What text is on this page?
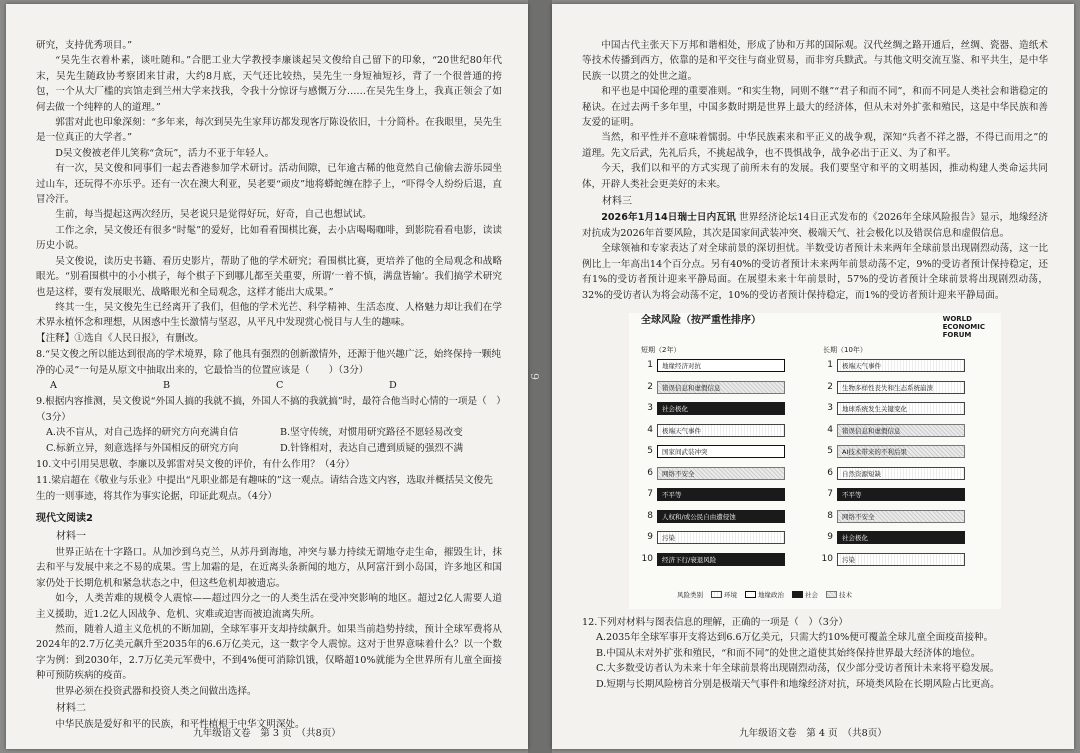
9

研究，支持优秀项目。”

“吴先生衣着朴素，谈吐随和。”合肥工业大学教授李廉谈起吴文俊给自己留下的印象，“20世纪80年代末，吴先生随政协考察团来甘肃，大约8月底，天气还比较热，吴先生一身短袖短衫，背了一个很普通的挎包，一个从大厂槛的宾馆走到兰州大学来找我，令我十分惊讶与感慨万分……在吴先生身上，我真正领会了如何去做一个纯粹的人的道理。”

郭雷对此也印象深刻：“多年来，每次到吴先生家拜访都发现客厅陈设依旧，十分简朴。在我眼里，吴先生是一位真正的大学者。”

D吴文俊被老伴儿笑称“贪玩”，活力不亚于年轻人。

有一次，吴文俊和同事们一起去香港参加学术研讨。活动间隙，已年逾古稀的他竟然自己偷偷去游乐园坐过山车，还玩得不亦乐乎。还有一次在澳大利亚，吴老要“顽皮”地将蟒蛇缠在脖子上，“吓得令人纷纷后退，直冒冷汗。

生前，每当提起这两次经历，吴老说只是觉得好玩，好奇，自己也想试试。

工作之余，吴文俊还有很多“时髦”的爱好，比如看看围棋比赛，去小店喝喝咖啡，到影院看看电影，读读历史小说。

吴文俊说，读历史书籍、看历史影片，帮助了他的学术研究；看围棋比赛，更培养了他的全局观念和战略眼光。“别看围棋中的小小棋子，每个棋子下到哪儿都至关重要，所谓‘一着不慎，满盘皆输’。我们搞学术研究也是这样，要有发展眼光、战略眼光和全局观念，这样才能出大成果。”

终其一生，吴文俊先生已经离开了我们，但他的学术光芒、科学精神、生活态度、人格魅力却让我们在学术界永植怀念和理想，从困惑中生长激情与坚忍，从平凡中发现赏心悦目与人生的趣味。

【注释】①选自《人民日报》，有删改。

8.“吴文俊之所以能达到很高的学术境界，除了他具有强烈的创新激情外，还源于他兴趣广泛，始终保持一颗纯净的心灵”一句是从原文中抽取出来的，它最恰当的位置应该是（　　）（3分）

A	B	C	D

9.根据内容推测，吴文俊说“外国人搞的我就不搞，外国人不搞的我就搞”时，最符合他当时心情的一项是（　）（3分）

A.决不盲从，对自己选择的研究方向充满自信	B.坚守传统，对惯用研究路径不愿轻易改变
C.标新立异，刻意选择与外国相反的研究方向	D.针锋相对，表达自己遭到质疑的强烈不满

10.文中引用吴思敬、李廉以及郭雷对吴文俊的评价，有什么作用？（4分）

11.梁启超在《敬业与乐业》中提出“凡职业都是有趣味的”这一观点。请结合选文内容，选取并概括吴文俊先生的一则事迹，将其作为事实论据，印证此观点。（4分）

现代文阅读2
材料一

世界正站在十字路口。从加沙到乌克兰，从苏丹到海地，冲突与暴力持续无谓地夺走生命，摧毁生计，抹去和平与发展中来之不易的成果。雪上加霜的是，在近离头条新闻的地方，从阿富汗到小岛国，许多地区和国家仍处于长期危机和紧急状态之中，但这些危机却被遗忘。

如今，人类苦难的规模令人震惊——超过四分之一的人类生活在受冲突影响的地区。超过2亿人需要人道主义援助，近1.2亿人因战争、危机、灾难或迫害而被迫流离失所。

然而，随着人道主义危机的不断加剧，全球军事开支却持续飙升。如果当前趋势持续，预计全球军费将从2024年的2.7万亿美元飙升至2035年的6.6万亿美元，这一数字令人震惊。这对于世界意味着什么？以一个数字为例：到2030年，2.7万亿美元军费中，不到4%便可消除饥饿，仅略超10%就能为全世界所有儿童全面接种可预防疾病的疫苗。

世界必须在投资武器和投资人类之间做出选择。

材料二

中华民族是爱好和平的民族，和平性植根于中华文明深处。

九年级语文卷　第 3 页　（共8页）

中国古代主张天下万邦和谐相处，形成了协和万邦的国际观。汉代丝绸之路开通后，丝绸、瓷器、造纸术等技术传播到西方，依靠的是和平交往与商业贸易，而非穷兵黩武。与其他文明交流互鉴、和平共生，是中华民族一以贯之的处世之道。

和平也是中国伦理的重要准则。“和实生物，同则不继”“君子和而不同”，和而不同是人类社会和谐稳定的秘诀。在过去两千多年里，中国多数时期是世界上最大的经济体，但从未对外扩张和殖民，这是中华民族和善友爱的证明。

当然，和平性并不意味着懦弱。中华民族素来和平正义的战争观，深知“兵者不祥之器，不得已而用之”的道理。先文后武，先礼后兵，不挑起战争，也不畏惧战争，战争必出于正义、为了和平。

今天，我们以和平的方式实现了前所未有的发展。我们要坚守和平的文明基因，推动构建人类命运共同体，开辟人类社会更美好的未来。

材料三

2026年1月14日瑞士日内瓦讯 世界经济论坛14日正式发布的《2026年全球风险报告》显示，地缘经济对抗成为2026年首要风险，其次是国家间武装冲突、极端天气、社会极化以及错误信息和虚假信息。

全球领袖和专家表达了对全球前景的深切担忧。半数受访者预计未来两年全球前景出现剧烈动荡，这一比例比上一年高出14个百分点。另有40%的受访者预计未来两年前景动荡不定，9%的受访者预计保持稳定，还有1%的受访者预计迎来平静局面。在展望未来十年前景时，57%的受访者预计全球前景将出现剧烈动荡，32%的受访者认为将会动荡不定，10%的受访者预计保持稳定，而1%的受访者预计迎来平静局面。

全球风险（按严重性排序）	WORLD
ECONOMIC
FORUM
短期（2年）	长期（10年）
1	地缘经济对抗
2	错误信息和虚假信息
3	社会极化
4	极端天气事件
5	国家间武装冲突
6	网络不安全
7	不平等
8	人权和/或公民自由遭侵蚀
9	污染
10	经济下行/衰退风险
1	极端天气事件
2	生物多样性丧失和生态系统崩溃
3	地球系统发生关键变化
4	错误信息和虚假信息
5	AI技术带来的不利后果
6	自然资源短缺
7	不平等
8	网络不安全
9	社会极化
10	污染
风险类别	环境	地缘政治	社会	技术

12.下列对材料与图表信息的理解，正确的一项是（　）（3分）

A.2035年全球军事开支将达到6.6万亿美元，只需大约10%便可覆盖全球儿童全面疫苗接种。
B.中国从未对外扩张和殖民，“和而不同”的处世之道使其始终保持世界最大经济体的地位。
C.大多数受访者认为未来十年全球前景将出现剧烈动荡，仅少部分受访者预计未来将平稳发展。
D.短期与长期风险榜首分别是极端天气事件和地缘经济对抗，环境类风险在长期风险占比更高。
九年级语文卷　第 4 页　（共8页）
